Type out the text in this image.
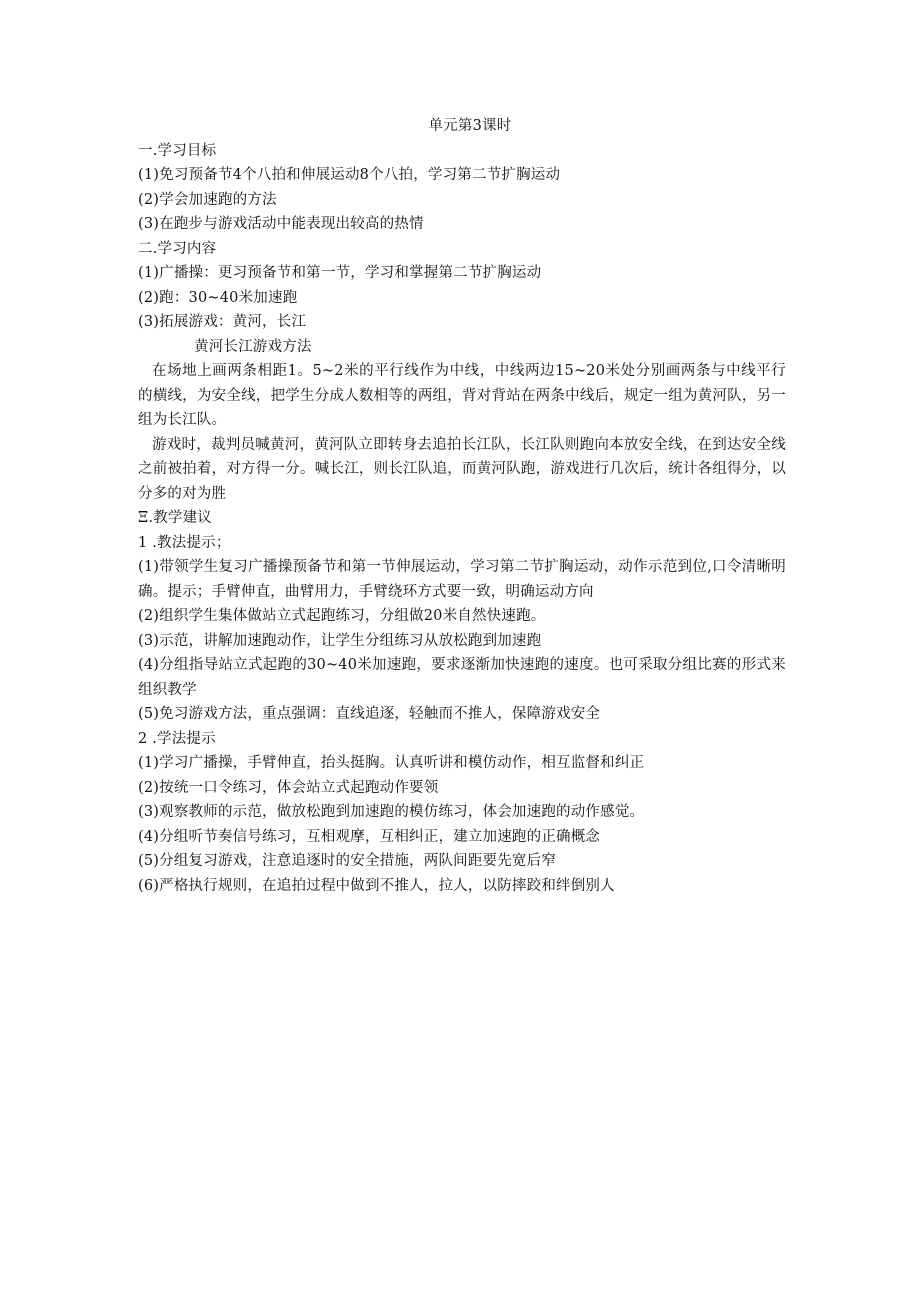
单元第3课时

一.学习目标

(1)免习预备节4个八拍和伸展运动8个八拍，学习第二节扩胸运动

(2)学会加速跑的方法

(3)在跑步与游戏活动中能表现出较高的热情

二.学习内容

(1)广播操：更习预备节和第一节，学习和掌握第二节扩胸运动

(2)跑：30~40米加速跑

(3)拓展游戏：黄河，长江

黄河长江游戏方法

在场地上画两条相距1。5~2米的平行线作为中线，中线两边15~20米处分别画两条与中线平行的横线，为安全线，把学生分成人数相等的两组，背对背站在两条中线后，规定一组为黄河队，另一组为长江队。

游戏时，裁判员喊黄河，黄河队立即转身去追拍长江队，长江队则跑向本放安全线，在到达安全线之前被拍着，对方得一分。喊长江，则长江队追，而黄河队跑，游戏进行几次后，统计各组得分，以分多的对为胜

Ξ.教学建议

1 .教法提示；

(1)带领学生复习广播操预备节和第一节伸展运动，学习第二节扩胸运动，动作示范到位,口令清晰明确。提示；手臂伸直，曲臂用力，手臂绕环方式要一致，明确运动方向

(2)组织学生集体做站立式起跑练习，分组做20米自然快速跑。

(3)示范，讲解加速跑动作，让学生分组练习从放松跑到加速跑

(4)分组指导站立式起跑的30~40米加速跑，要求逐渐加快速跑的速度。也可采取分组比赛的形式来组织教学

(5)免习游戏方法，重点强调：直线追逐，轻触而不推人，保障游戏安全

2 .学法提示

(1)学习广播操，手臂伸直，抬头挺胸。认真听讲和模仿动作，相互监督和纠正

(2)按统一口令练习，体会站立式起跑动作要领

(3)观察教师的示范，做放松跑到加速跑的模仿练习，体会加速跑的动作感觉。

(4)分组听节奏信号练习，互相观摩，互相纠正，建立加速跑的正确概念

(5)分组复习游戏，注意追逐时的安全措施，两队间距要先宽后窄

(6)严格执行规则，在追拍过程中做到不推人，拉人，以防摔跤和绊倒别人
